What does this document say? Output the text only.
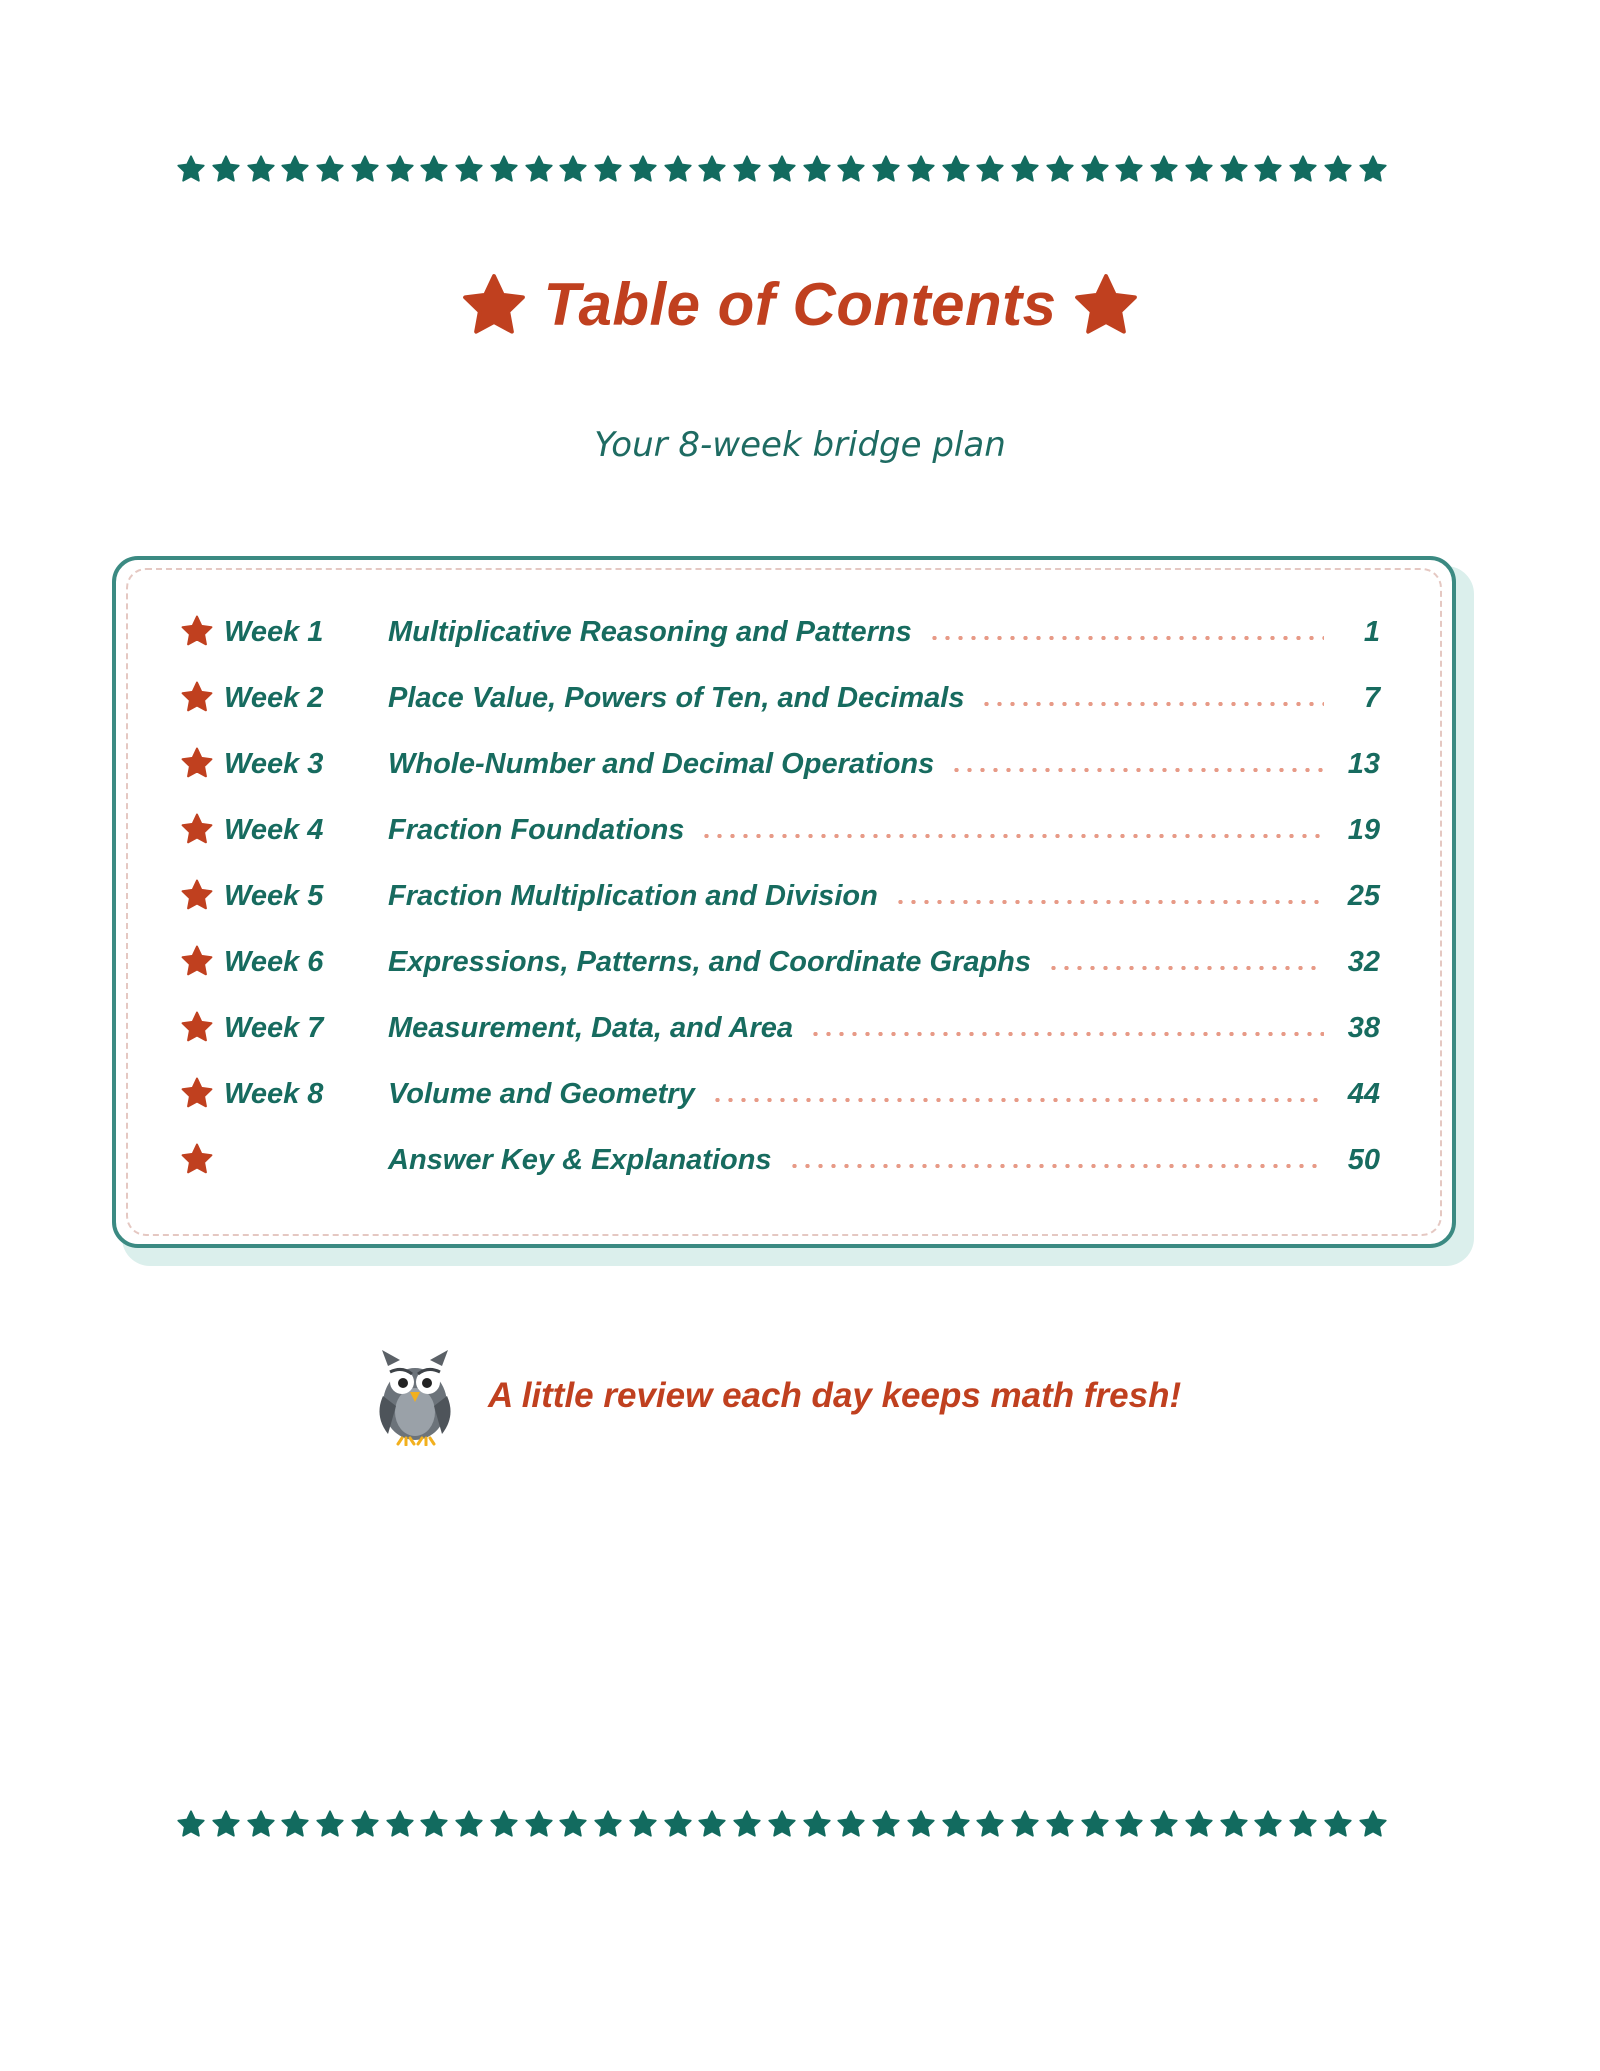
Table of Contents
Your 8-week bridge plan
Week 1 Multiplicative Reasoning and Patterns	1
Week 2 Place Value, Powers of Ten, and Decimals	7
Week 3 Whole-Number and Decimal Operations	13
Week 4 Fraction Foundations	19
Week 5 Fraction Multiplication and Division	25
Week 6 Expressions, Patterns, and Coordinate Graphs	32
Week 7 Measurement, Data, and Area	38
Week 8 Volume and Geometry	44
Answer Key & Explanations	50
A little review each day keeps math fresh!
